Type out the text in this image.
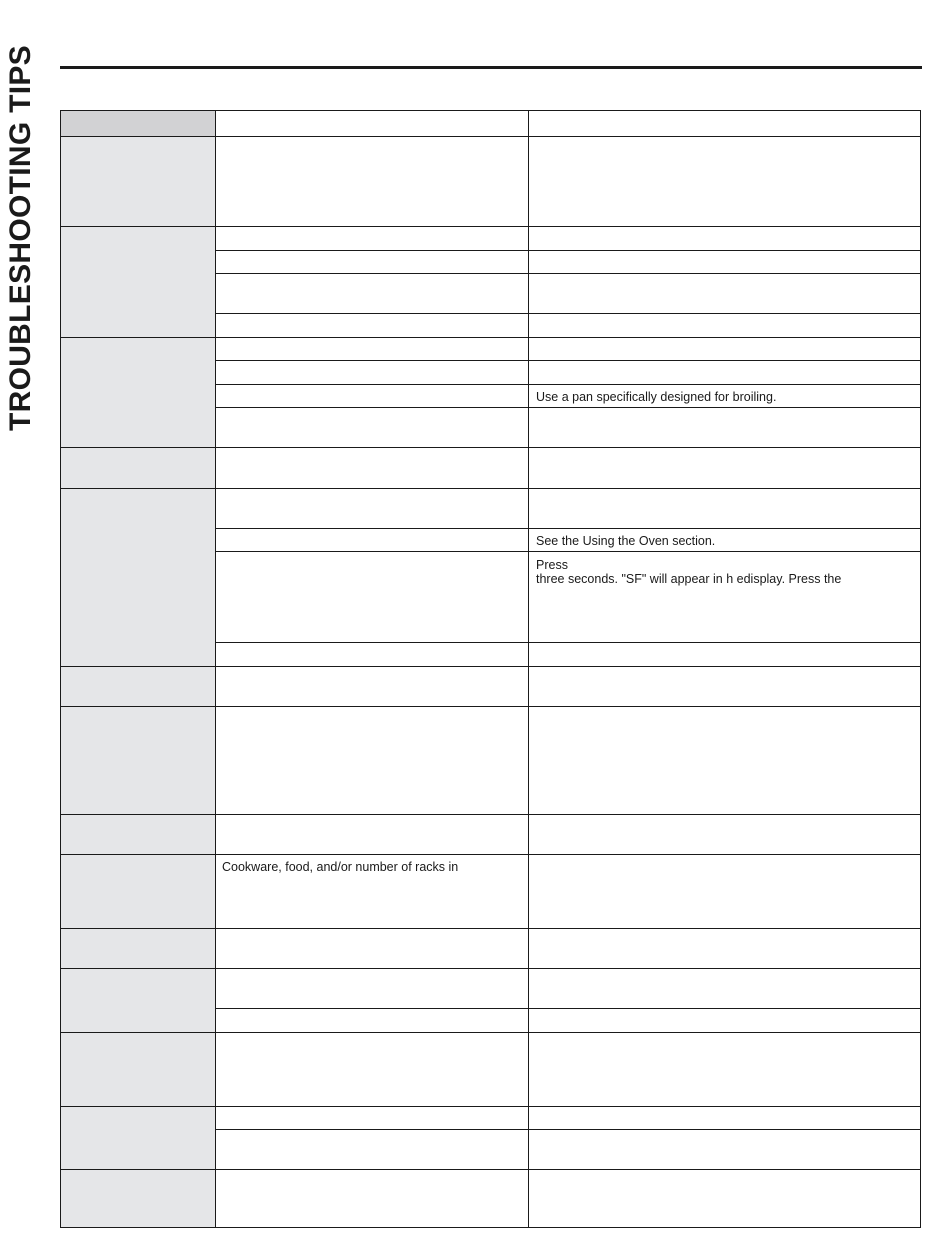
TROUBLESHOOTING TIPS	Use a pan specifically designed for broiling.
See the Using the Oven section.
Press
three seconds. "SF" will appear in h edisplay. Press the
Cookware, food, and/or number of racks in
